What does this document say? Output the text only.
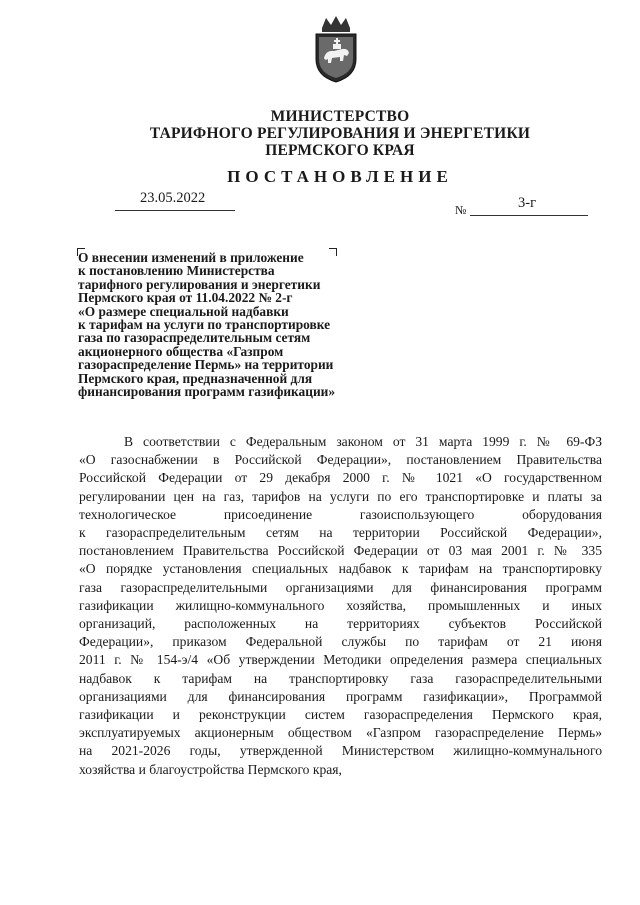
МИНИСТЕРСТВО
ТАРИФНОГО РЕГУЛИРОВАНИЯ И ЭНЕРГЕТИКИ
ПЕРМСКОГО КРАЯ
ПОСТАНОВЛЕНИЕ
23.05.2022
№	3-г
О внесении изменений в приложение
к постановлению Министерства
тарифного регулирования и энергетики
Пермского края от 11.04.2022 № 2-г
«О размере специальной надбавки
к тарифам на услуги по транспортировке
газа по газораспределительным сетям
акционерного общества «Газпром
газораспределение Пермь» на территории
Пермского края, предназначенной для
финансирования программ газификации»
В соответствии с Федеральным законом от 31 марта 1999 г. № 69-ФЗ
«О газоснабжении в Российской Федерации», постановлением Правительства
Российской Федерации от 29 декабря 2000 г. № 1021 «О государственном
регулировании цен на газ, тарифов на услуги по его транспортировке и платы за
технологическое присоединение газоиспользующего оборудования
к газораспределительным сетям на территории Российской Федерации»,
постановлением Правительства Российской Федерации от 03 мая 2001 г. № 335
«О порядке установления специальных надбавок к тарифам на транспортировку
газа газораспределительными организациями для финансирования программ
газификации жилищно-коммунального хозяйства, промышленных и иных
организаций, расположенных на территориях субъектов Российской
Федерации», приказом Федеральной службы по тарифам от 21 июня
2011 г. № 154-э/4 «Об утверждении Методики определения размера специальных
надбавок к тарифам на транспортировку газа газораспределительными
организациями для финансирования программ газификации», Программой
газификации и реконструкции систем газораспределения Пермского края,
эксплуатируемых акционерным обществом «Газпром газораспределение Пермь»
на 2021-2026 годы, утвержденной Министерством жилищно-коммунального
хозяйства и благоустройства Пермского края,
